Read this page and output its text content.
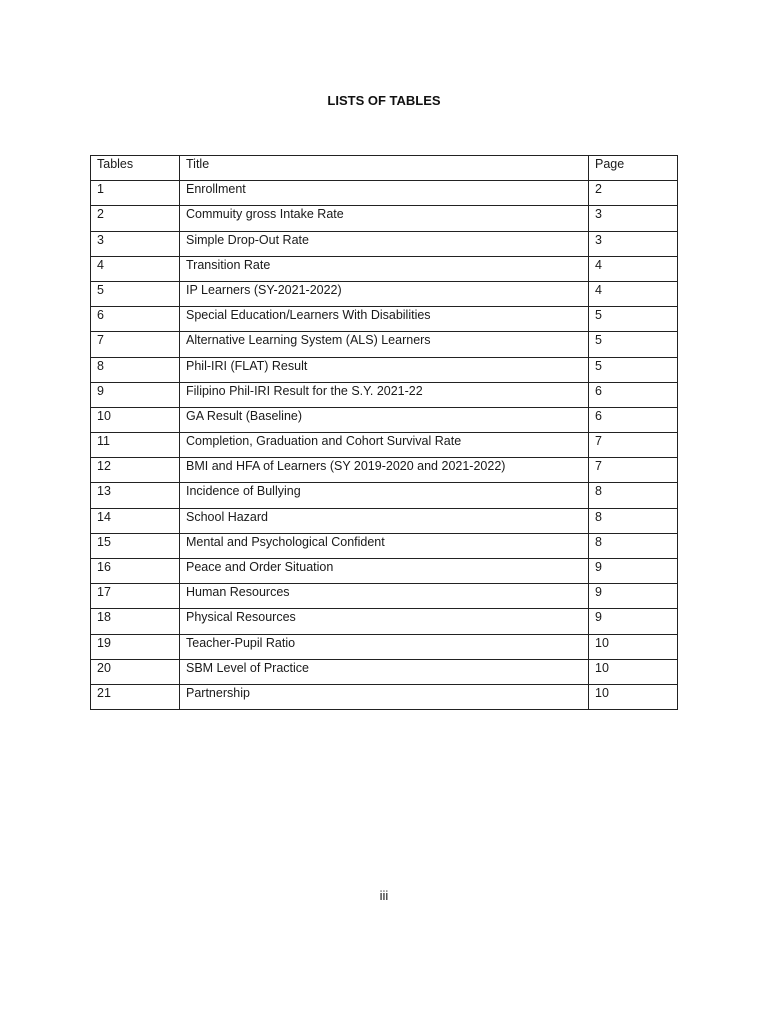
LISTS OF TABLES
Tables	Title	Page
1	Enrollment	2
2	Commuity gross Intake Rate	3
3	Simple Drop-Out Rate	3
4	Transition Rate	4
5	IP Learners (SY-2021-2022)	4
6	Special Education/Learners With Disabilities	5
7	Alternative Learning System (ALS) Learners	5
8	Phil-IRI (FLAT) Result	5
9	Filipino Phil-IRI Result for the S.Y. 2021-22	6
10	GA Result (Baseline)	6
11	Completion, Graduation and Cohort Survival Rate	7
12	BMI and HFA of Learners (SY 2019-2020 and 2021-2022)	7
13	Incidence of Bullying	8
14	School Hazard	8
15	Mental and Psychological Confident	8
16	Peace and Order Situation	9
17	Human Resources	9
18	Physical Resources	9
19	Teacher-Pupil Ratio	10
20	SBM Level of Practice	10
21	Partnership	10
iii
